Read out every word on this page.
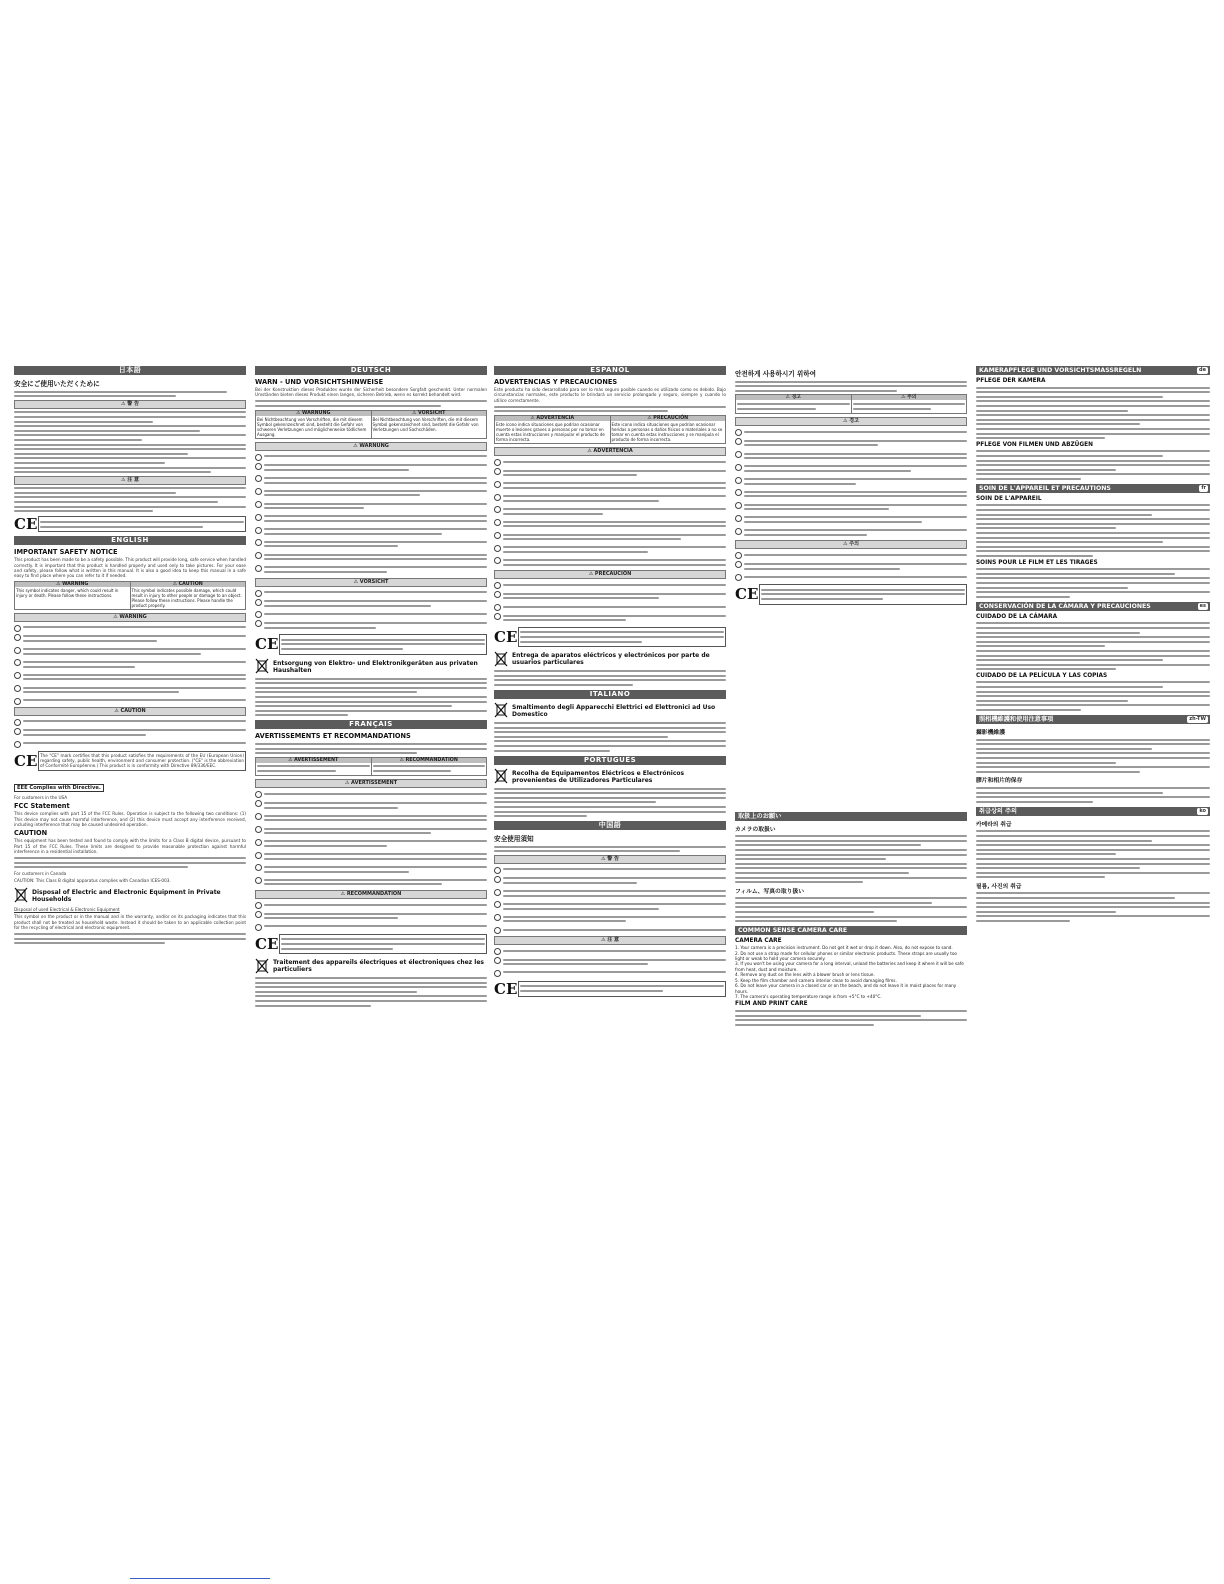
日本語
安全にご使用いただくために
⚠ 警 告
⚠ 注 意
CE
ENGLISH
IMPORTANT SAFETY NOTICE
This product has been made to be a safety possible. This product will provide long, safe service when handled correctly. It is important that this product is handled properly and used only to take pictures. For your ease and safety, please follow what is written in this manual. It is also a good idea to keep this manual in a safe easy to find place where you can refer to it if needed.
⚠ WARNING
This symbol indicates danger, which could result in injury or death. Please follow these instructions.
⚠ CAUTION
This symbol indicates possible damage, which could result in injury to other people or damage to an object. Please follow these instructions. Please handle the product properly.
⚠ WARNING
⚠ CAUTION
CE The "CE" mark certifies that this product satisfies the requirements of the EU (European Union) regarding safety, public health, environment and consumer protection. ("CE" is the abbreviation of Conformité Européenne.) This product is in conformity with Directive 89/336/EEC.
EEE Complies with Directive.
For customers in the USA
FCC Statement
This device complies with part 15 of the FCC Rules. Operation is subject to the following two conditions: (1) This device may not cause harmful interference, and (2) this device must accept any interference received, including interference that may be caused undesired operation.
CAUTION
This equipment has been tested and found to comply with the limits for a Class B digital device, pursuant to Part 15 of the FCC Rules. These limits are designed to provide reasonable protection against harmful interference in a residential installation.
For customers in Canada
CAUTION: This Class B digital apparatus complies with Canadian ICES-003.
Disposal of Electric and Electronic Equipment in Private Households
Disposal of used Electrical & Electronic Equipment
This symbol on the product or in the manual and in the warranty, and/or on its packaging indicates that this product shall not be treated as household waste. Instead it should be taken to an applicable collection point for the recycling of electrical and electronic equipment.
DEUTSCH
WARN - UND VORSICHTSHINWEISE
Bei der Konstruktion dieses Produktes wurde der Sicherheit besondere Sorgfalt geschenkt. Unter normalen Umständen bieten dieses Produkt einen langen, sicheren Betrieb, wenn es korrekt behandelt wird.
⚠ WARNUNG
Bei Nichtbeachtung von Vorschriften, die mit diesem Symbol gekennzeichnet sind, besteht die Gefahr von schweren Verletzungen und möglicherweise tödlichem Ausgang.
⚠ VORSICHT
Bei Nichtbeachtung von Vorschriften, die mit diesem Symbol gekennzeichnet sind, besteht die Gefahr von Verletzungen und Sachschäden.
⚠ WARNUNG
⚠ VORSICHT
CE
Entsorgung von Elektro- und Elektronikgeräten aus privaten Haushalten
FRANÇAIS
AVERTISSEMENTS ET RECOMMANDATIONS
⚠ AVERTISSEMENT	⚠ RECOMMANDATION
⚠ AVERTISSEMENT
⚠ RECOMMANDATION
CE
Traitement des appareils électriques et électroniques chez les particuliers
ESPAÑOL
ADVERTENCIAS Y PRECAUCIONES
Este producto ha sido desarrollado para ser lo más seguro posible cuando es utilizado como es debido. Bajo circunstancias normales, este producto le brindará un servicio prolongado y seguro, siempre y cuando lo utilice correctamente.
⚠ ADVERTENCIA
Este icono indica situaciones que podrían ocasionar muerte o lesiones graves a personas por no tomar en cuenta estas instrucciones y manipular el producto de forma incorrecta.
⚠ PRECAUCIÓN
Este icono indica situaciones que podrían ocasionar heridas a personas o daños físicos o materiales a no se tomar en cuenta estas instrucciones y se manipula el producto de forma incorrecta.
⚠ ADVERTENCIA
⚠ PRECAUCIÓN
CE
Entrega de aparatos eléctricos y electrónicos por parte de usuarios particulares
ITALIANO
Smaltimento degli Apparecchi Elettrici ed Elettronici ad Uso Domestico
PORTUGUÊS
Recolha de Equipamentos Eléctricos e Electrónicos provenientes de Utilizadores Particulares
中国語
安全使用須知
⚠ 警 告
⚠ 注 意
CE
안전하게 사용하시기 위하여
⚠ 경고	⚠ 주의
⚠ 경고
⚠ 주의
CE
取扱上のお願い
カメラの取扱い
フィルム、写真の取り扱い
COMMON SENSE CAMERA CARE
CAMERA CARE
1. Your camera is a precision instrument. Do not get it wet or drop it down. Also, do not expose to sand.
2. Do not use a strap made for cellular phones or similar electronic products. These straps are usually too light or weak to hold your camera securely.
3. If you won't be using your camera for a long interval, unload the batteries and keep it where it will be safe from heat, dust and moisture.
4. Remove any dust on the lens with a blower brush or lens tissue.
5. Keep the film chamber and camera interior clean to avoid damaging films.
6. Do not leave your camera in a closed car or on the beach, and do not leave it in moist places for many hours.
7. The camera's operating temperature range is from +5°C to +40°C.
FILM AND PRINT CARE
KAMERAPFLEGE UND VORSICHTSMASSREGELN	de
PFLEGE DER KAMERA
PFLEGE VON FILMEN UND ABZÜGEN
SOIN DE L'APPAREIL ET PRECAUTIONS	fr
SOIN DE L'APPAREIL
SOINS POUR LE FILM ET LES TIRAGES
CONSERVACIÓN DE LA CÁMARA Y PRECAUCIONES	es
CUIDADO DE LA CÁMARA
CUIDADO DE LA PELÍCULA Y LAS COPIAS
照相機維護和使用注意事項	zh-TW
攝影機維護
膠片和相片的保存
취급상의 주의	ko
카메라의 취급
필름, 사진의 취급
